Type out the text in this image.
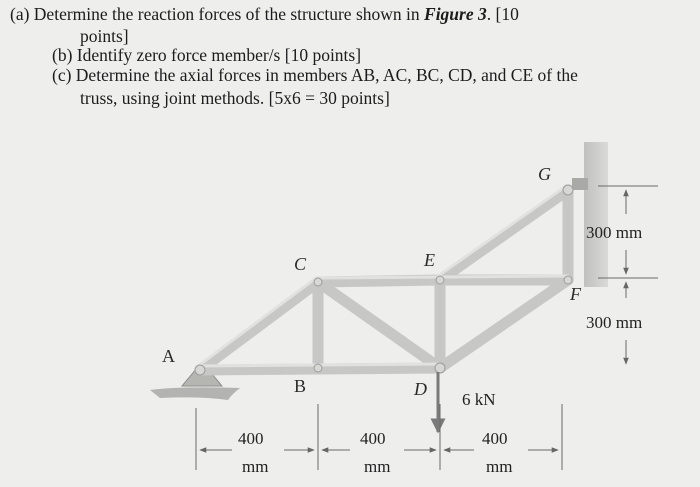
(a) Determine the reaction forces of the structure shown in Figure 3. [10
points]
(b) Identify zero force member/s [10 points]
(c) Determine the axial forces in members AB, AC, BC, CD, and CE of the
truss, using joint methods. [5x6 = 30 points]
A
B
C
D
E
F
G
6 kN
300 mm
300 mm
400
mm
400
mm
400
mm
